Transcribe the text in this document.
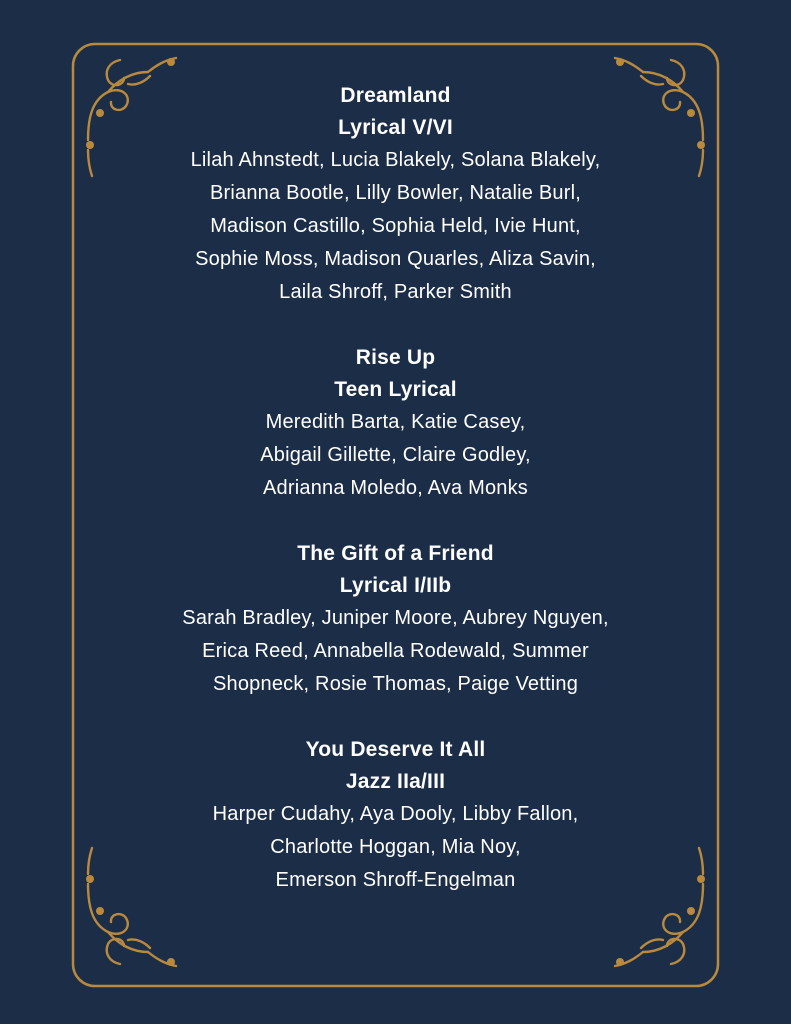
Dreamland
Lyrical V/VI
Lilah Ahnstedt, Lucia Blakely, Solana Blakely,
Brianna Bootle, Lilly Bowler, Natalie Burl,
Madison Castillo, Sophia Held, Ivie Hunt,
Sophie Moss, Madison Quarles, Aliza Savin,
Laila Shroff, Parker Smith
Rise Up
Teen Lyrical
Meredith Barta, Katie Casey,
Abigail Gillette, Claire Godley,
Adrianna Moledo, Ava Monks
The Gift of a Friend
Lyrical I/IIb
Sarah Bradley, Juniper Moore, Aubrey Nguyen,
Erica Reed, Annabella Rodewald, Summer
Shopneck, Rosie Thomas, Paige Vetting
You Deserve It All
Jazz IIa/III
Harper Cudahy, Aya Dooly, Libby Fallon,
Charlotte Hoggan, Mia Noy,
Emerson Shroff-Engelman
